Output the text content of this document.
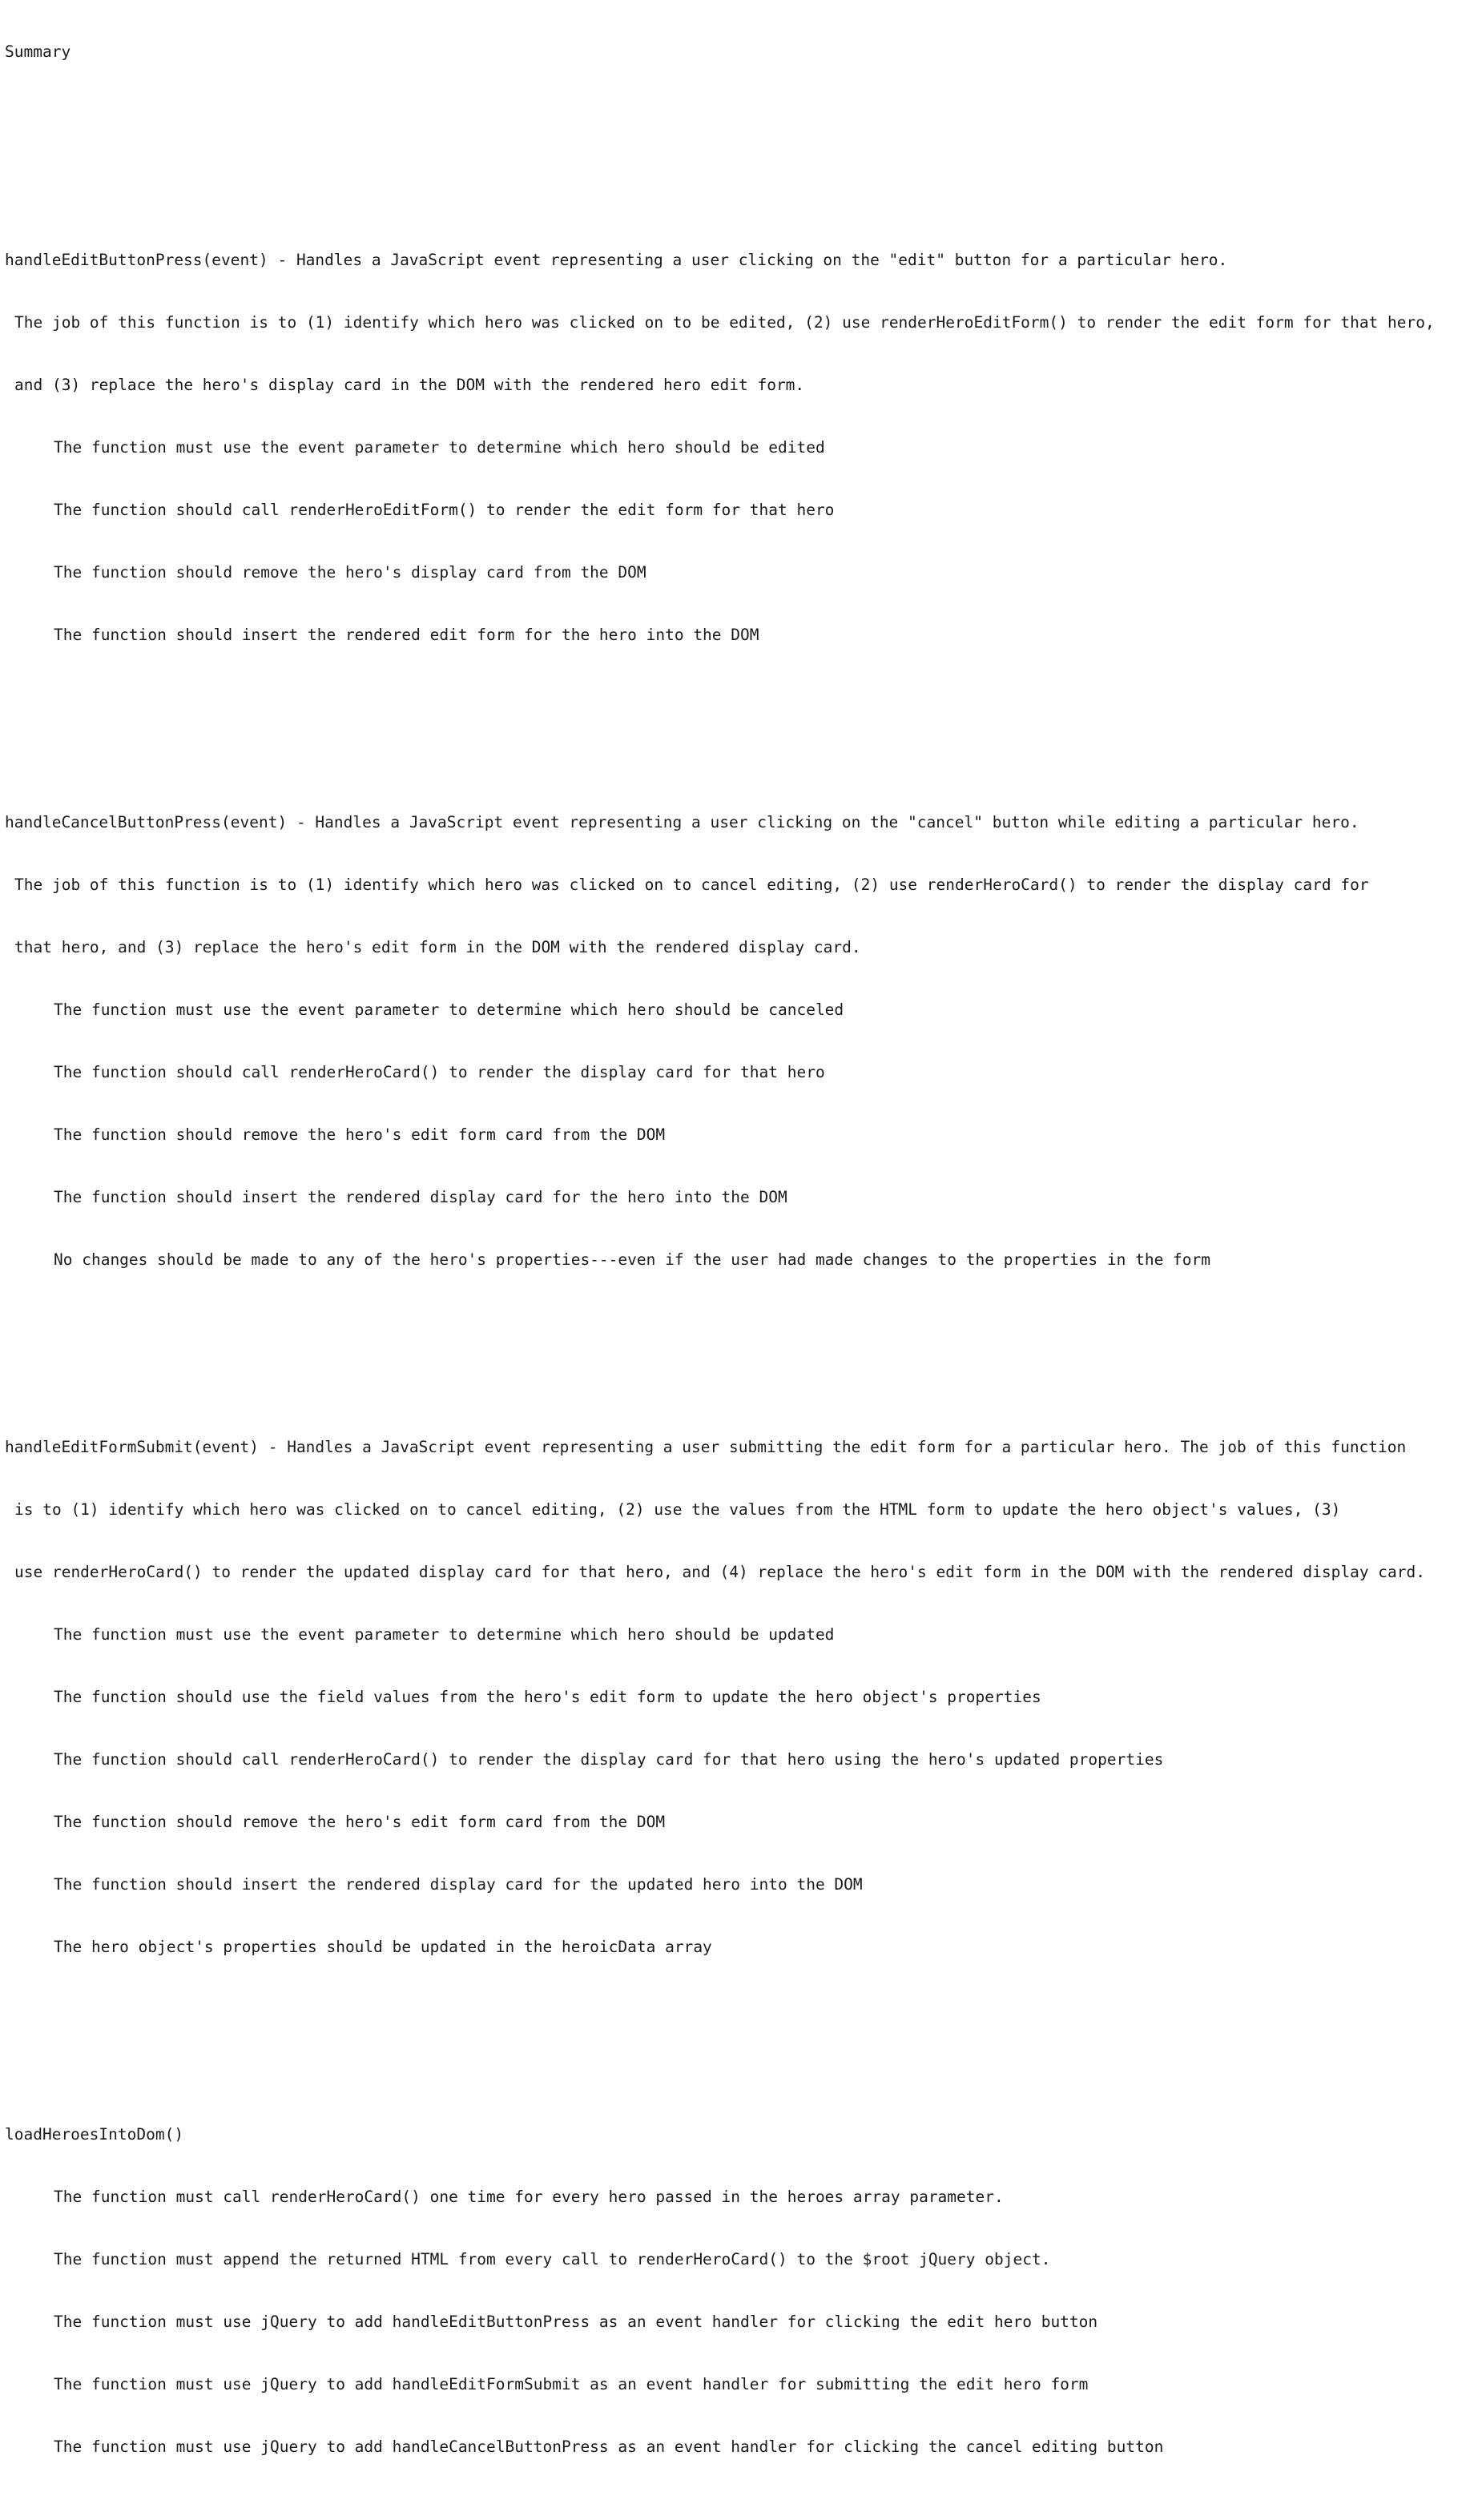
Summary

handleEditButtonPress(event) - Handles a JavaScript event representing a user clicking on the "edit" button for a particular hero.

The job of this function is to (1) identify which hero was clicked on to be edited, (2) use renderHeroEditForm() to render the edit form for that hero,

and (3) replace the hero's display card in the DOM with the rendered hero edit form.

The function must use the event parameter to determine which hero should be edited

The function should call renderHeroEditForm() to render the edit form for that hero

The function should remove the hero's display card from the DOM

The function should insert the rendered edit form for the hero into the DOM

handleCancelButtonPress(event) - Handles a JavaScript event representing a user clicking on the "cancel" button while editing a particular hero.

The job of this function is to (1) identify which hero was clicked on to cancel editing, (2) use renderHeroCard() to render the display card for

that hero, and (3) replace the hero's edit form in the DOM with the rendered display card.

The function must use the event parameter to determine which hero should be canceled

The function should call renderHeroCard() to render the display card for that hero

The function should remove the hero's edit form card from the DOM

The function should insert the rendered display card for the hero into the DOM

No changes should be made to any of the hero's properties---even if the user had made changes to the properties in the form

handleEditFormSubmit(event) - Handles a JavaScript event representing a user submitting the edit form for a particular hero. The job of this function

is to (1) identify which hero was clicked on to cancel editing, (2) use the values from the HTML form to update the hero object's values, (3)

use renderHeroCard() to render the updated display card for that hero, and (4) replace the hero's edit form in the DOM with the rendered display card.

The function must use the event parameter to determine which hero should be updated

The function should use the field values from the hero's edit form to update the hero object's properties

The function should call renderHeroCard() to render the display card for that hero using the hero's updated properties

The function should remove the hero's edit form card from the DOM

The function should insert the rendered display card for the updated hero into the DOM

The hero object's properties should be updated in the heroicData array

loadHeroesIntoDom()

The function must call renderHeroCard() one time for every hero passed in the heroes array parameter.

The function must append the returned HTML from every call to renderHeroCard() to the $root jQuery object.

The function must use jQuery to add handleEditButtonPress as an event handler for clicking the edit hero button

The function must use jQuery to add handleEditFormSubmit as an event handler for submitting the edit hero form

The function must use jQuery to add handleCancelButtonPress as an event handler for clicking the cancel editing button
